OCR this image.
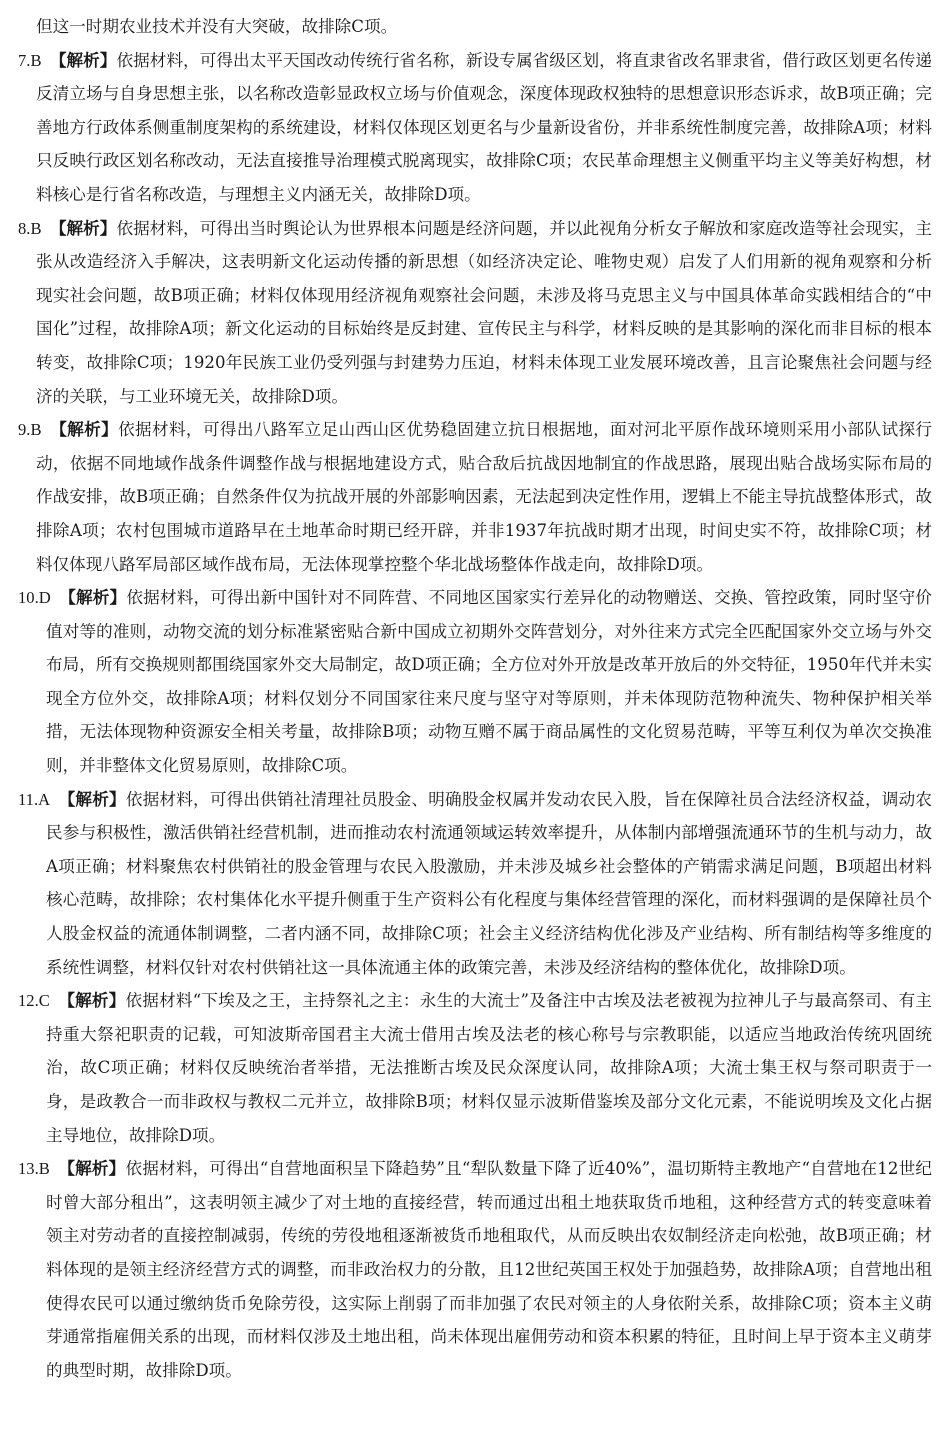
但这一时期农业技术并没有大突破，故排除C项。

7.B  【解析】依据材料，可得出太平天国改动传统行省名称，新设专属省级区划，将直隶省改名罪隶省，借行政区划更名传递反清立场与自身思想主张，以名称改造彰显政权立场与价值观念，深度体现政权独特的思想意识形态诉求，故B项正确；完善地方行政体系侧重制度架构的系统建设，材料仅体现区划更名与少量新设省份，并非系统性制度完善，故排除A项；材料只反映行政区划名称改动，无法直接推导治理模式脱离现实，故排除C项；农民革命理想主义侧重平均主义等美好构想，材料核心是行省名称改造，与理想主义内涵无关，故排除D项。

8.B  【解析】依据材料，可得出当时舆论认为世界根本问题是经济问题，并以此视角分析女子解放和家庭改造等社会现实，主张从改造经济入手解决，这表明新文化运动传播的新思想（如经济决定论、唯物史观）启发了人们用新的视角观察和分析现实社会问题，故B项正确；材料仅体现用经济视角观察社会问题，未涉及将马克思主义与中国具体革命实践相结合的“中国化”过程，故排除A项；新文化运动的目标始终是反封建、宣传民主与科学，材料反映的是其影响的深化而非目标的根本转变，故排除C项；1920年民族工业仍受列强与封建势力压迫，材料未体现工业发展环境改善，且言论聚焦社会问题与经济的关联，与工业环境无关，故排除D项。

9.B  【解析】依据材料，可得出八路军立足山西山区优势稳固建立抗日根据地，面对河北平原作战环境则采用小部队试探行动，依据不同地域作战条件调整作战与根据地建设方式，贴合敌后抗战因地制宜的作战思路，展现出贴合战场实际布局的作战安排，故B项正确；自然条件仅为抗战开展的外部影响因素，无法起到决定性作用，逻辑上不能主导抗战整体形式，故排除A项；农村包围城市道路早在土地革命时期已经开辟，并非1937年抗战时期才出现，时间史实不符，故排除C项；材料仅体现八路军局部区域作战布局，无法体现掌控整个华北战场整体作战走向，故排除D项。

10.D  【解析】依据材料，可得出新中国针对不同阵营、不同地区国家实行差异化的动物赠送、交换、管控政策，同时坚守价值对等的准则，动物交流的划分标准紧密贴合新中国成立初期外交阵营划分，对外往来方式完全匹配国家外交立场与外交布局，所有交换规则都围绕国家外交大局制定，故D项正确；全方位对外开放是改革开放后的外交特征，1950年代并未实现全方位外交，故排除A项；材料仅划分不同国家往来尺度与坚守对等原则，并未体现防范物种流失、物种保护相关举措，无法体现物种资源安全相关考量，故排除B项；动物互赠不属于商品属性的文化贸易范畴，平等互利仅为单次交换准则，并非整体文化贸易原则，故排除C项。

11.A  【解析】依据材料，可得出供销社清理社员股金、明确股金权属并发动农民入股，旨在保障社员合法经济权益，调动农民参与积极性，激活供销社经营机制，进而推动农村流通领域运转效率提升，从体制内部增强流通环节的生机与动力，故A项正确；材料聚焦农村供销社的股金管理与农民入股激励，并未涉及城乡社会整体的产销需求满足问题，B项超出材料核心范畴，故排除；农村集体化水平提升侧重于生产资料公有化程度与集体经营管理的深化，而材料强调的是保障社员个人股金权益的流通体制调整，二者内涵不同，故排除C项；社会主义经济结构优化涉及产业结构、所有制结构等多维度的系统性调整，材料仅针对农村供销社这一具体流通主体的政策完善，未涉及经济结构的整体优化，故排除D项。

12.C  【解析】依据材料“下埃及之王，主持祭礼之主：永生的大流士”及备注中古埃及法老被视为拉神儿子与最高祭司、有主持重大祭祀职责的记载，可知波斯帝国君主大流士借用古埃及法老的核心称号与宗教职能，以适应当地政治传统巩固统治，故C项正确；材料仅反映统治者举措，无法推断古埃及民众深度认同，故排除A项；大流士集王权与祭司职责于一身，是政教合一而非政权与教权二元并立，故排除B项；材料仅显示波斯借鉴埃及部分文化元素，不能说明埃及文化占据主导地位，故排除D项。

13.B  【解析】依据材料，可得出“自营地面积呈下降趋势”且“犁队数量下降了近40%”，温切斯特主教地产“自营地在12世纪时曾大部分租出”，这表明领主减少了对土地的直接经营，转而通过出租土地获取货币地租，这种经营方式的转变意味着领主对劳动者的直接控制减弱，传统的劳役地租逐渐被货币地租取代，从而反映出农奴制经济走向松弛，故B项正确；材料体现的是领主经济经营方式的调整，而非政治权力的分散，且12世纪英国王权处于加强趋势，故排除A项；自营地出租使得农民可以通过缴纳货币免除劳役，这实际上削弱了而非加强了农民对领主的人身依附关系，故排除C项；资本主义萌芽通常指雇佣关系的出现，而材料仅涉及土地出租，尚未体现出雇佣劳动和资本积累的特征，且时间上早于资本主义萌芽的典型时期，故排除D项。
